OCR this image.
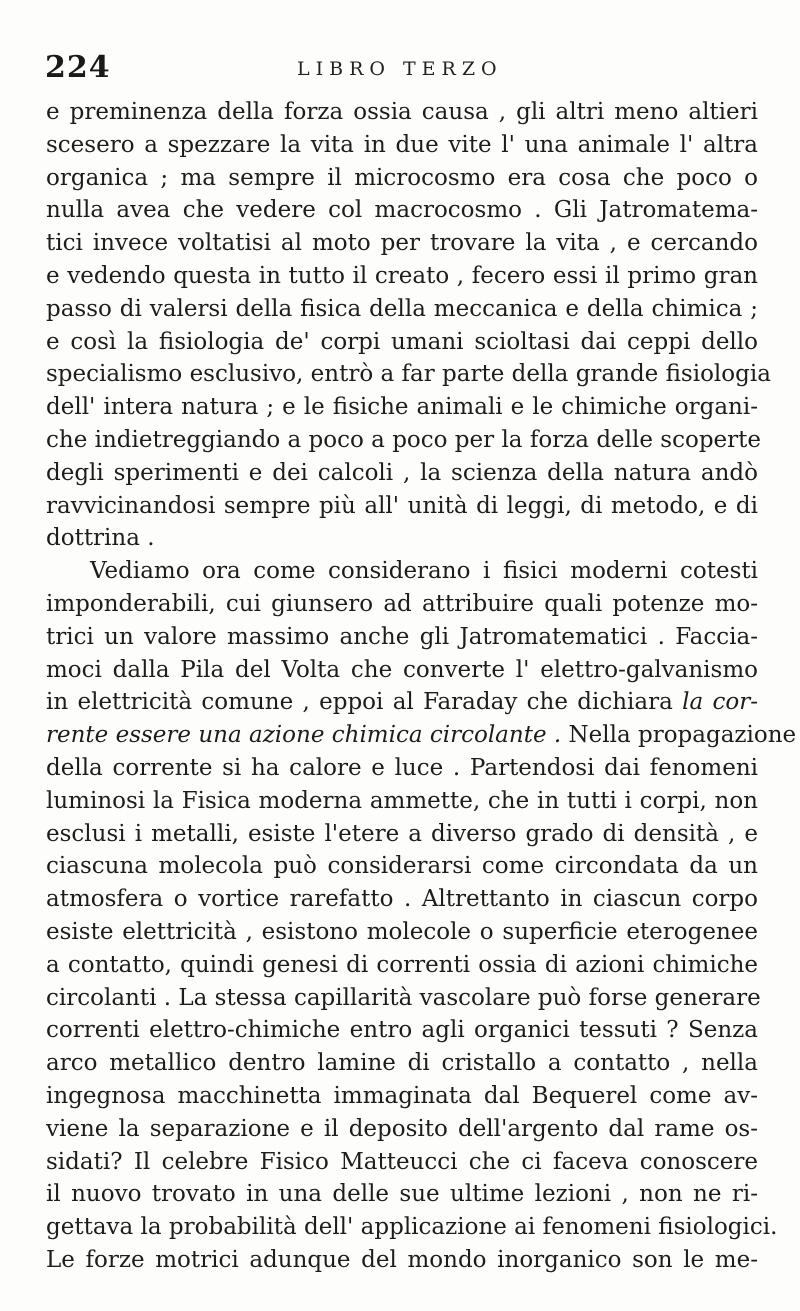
224	LIBRO TERZO
e preminenza della forza ossia causa , gli altri meno altieri
scesero a spezzare la vita in due vite l' una animale l' altra
organica ; ma sempre il microcosmo era cosa che poco o
nulla avea che vedere col macrocosmo . Gli Jatromatema-
tici invece voltatisi al moto per trovare la vita , e cercando
e vedendo questa in tutto il creato , fecero essi il primo gran
passo di valersi della fisica della meccanica e della chimica ;
e così la fisiologia de' corpi umani scioltasi dai ceppi dello
specialismo esclusivo, entrò a far parte della grande fisiologia
dell' intera natura ; e le fisiche animali e le chimiche organi-
che indietreggiando a poco a poco per la forza delle scoperte
degli sperimenti e dei calcoli , la scienza della natura andò
ravvicinandosi sempre più all' unità di leggi, di metodo, e di
dottrina .
Vediamo ora come considerano i fisici moderni cotesti
imponderabili, cui giunsero ad attribuire quali potenze mo-
trici un valore massimo anche gli Jatromatematici . Faccia-
moci dalla Pila del Volta che converte l' elettro-galvanismo
in elettricità comune , eppoi al Faraday che dichiara la cor-
rente essere una azione chimica circolante . Nella propagazione
della corrente si ha calore e luce . Partendosi dai fenomeni
luminosi la Fisica moderna ammette, che in tutti i corpi, non
esclusi i metalli, esiste l'etere a diverso grado di densità , e
ciascuna molecola può considerarsi come circondata da un
atmosfera o vortice rarefatto . Altrettanto in ciascun corpo
esiste elettricità , esistono molecole o superficie eterogenee
a contatto, quindi genesi di correnti ossia di azioni chimiche
circolanti . La stessa capillarità vascolare può forse generare
correnti elettro-chimiche entro agli organici tessuti ? Senza
arco metallico dentro lamine di cristallo a contatto , nella
ingegnosa macchinetta immaginata dal Bequerel come av-
viene la separazione e il deposito dell'argento dal rame os-
sidati? Il celebre Fisico Matteucci che ci faceva conoscere
il nuovo trovato in una delle sue ultime lezioni , non ne ri-
gettava la probabilità dell' applicazione ai fenomeni fisiologici.
Le forze motrici adunque del mondo inorganico son le me-
